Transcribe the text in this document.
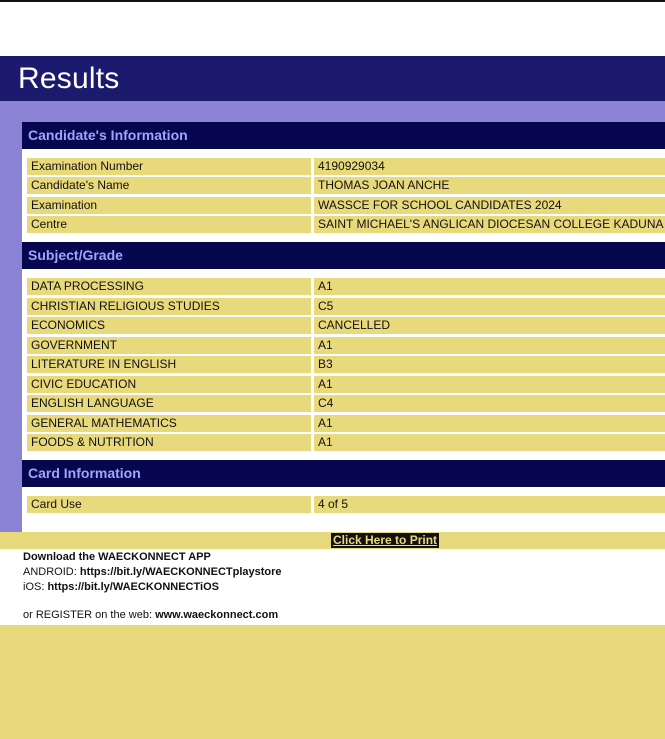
Results
Candidate's Information
Examination Number	4190929034
Candidate's Name	THOMAS JOAN ANCHE
Examination	WASSCE FOR SCHOOL CANDIDATES 2024
Centre	SAINT MICHAEL'S ANGLICAN DIOCESAN COLLEGE KADUNA
Subject/Grade
DATA PROCESSING	A1
CHRISTIAN RELIGIOUS STUDIES	C5
ECONOMICS	CANCELLED
GOVERNMENT	A1
LITERATURE IN ENGLISH	B3
CIVIC EDUCATION	A1
ENGLISH LANGUAGE	C4
GENERAL MATHEMATICS	A1
FOODS & NUTRITION	A1
Card Information
Card Use	4 of 5
Click Here to Print
Download the WAECKONNECT APP
ANDROID: https://bit.ly/WAECKONNECTplaystore
iOS: https://bit.ly/WAECKONNECTiOS
or REGISTER on the web: www.waeckonnect.com
